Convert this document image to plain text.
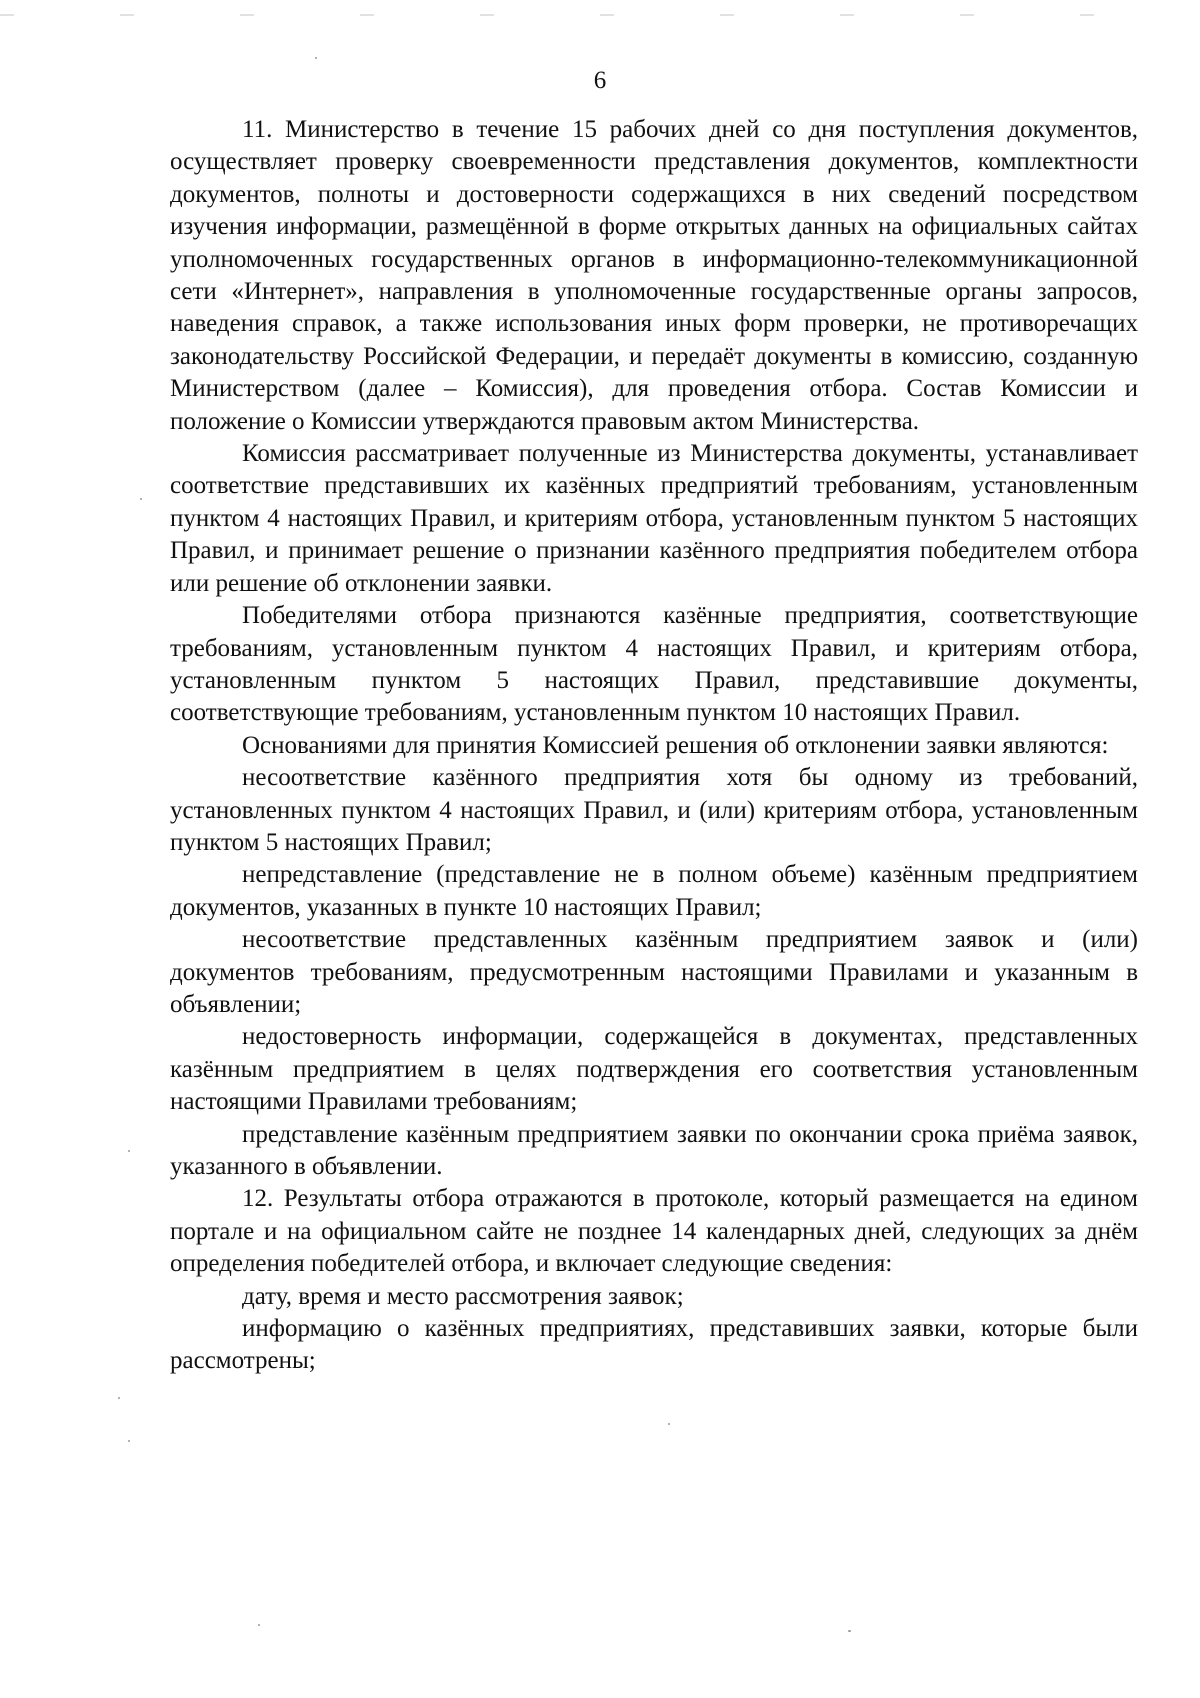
6

11. Министерство в течение 15 рабочих дней со дня поступления документов, осуществляет проверку своевременности представления документов, комплектности документов, полноты и достоверности содержащихся в них сведений посредством изучения информации, размещённой в форме открытых данных на официальных сайтах уполномоченных государственных органов в информационно-телекоммуникационной сети «Интернет», направления в уполномоченные государственные органы запросов, наведения справок, а также использования иных форм проверки, не противоречащих законодательству Российской Федерации, и передаёт документы в комиссию, созданную Министерством (далее – Комиссия), для проведения отбора. Состав Комиссии и положение о Комиссии утверждаются правовым актом Министерства.

Комиссия рассматривает полученные из Министерства документы, устанавливает соответствие представивших их казённых предприятий требованиям, установленным пунктом 4 настоящих Правил, и критериям отбора, установленным пунктом 5 настоящих Правил, и принимает решение о признании казённого предприятия победителем отбора или решение об отклонении заявки.

Победителями отбора признаются казённые предприятия, соответствующие требованиям, установленным пунктом 4 настоящих Правил, и критериям отбора, установленным пунктом 5 настоящих Правил, представившие документы, соответствующие требованиям, установленным пунктом 10 настоящих Правил.

Основаниями для принятия Комиссией решения об отклонении заявки являются:

несоответствие казённого предприятия хотя бы одному из требований, установленных пунктом 4 настоящих Правил, и (или) критериям отбора, установленным пунктом 5 настоящих Правил;

непредставление (представление не в полном объеме) казённым предприятием документов, указанных в пункте 10 настоящих Правил;

несоответствие представленных казённым предприятием заявок и (или) документов требованиям, предусмотренным настоящими Правилами и указанным в объявлении;

недостоверность информации, содержащейся в документах, представленных казённым предприятием в целях подтверждения его соответствия установленным настоящими Правилами требованиям;

представление казённым предприятием заявки по окончании срока приёма заявок, указанного в объявлении.

12. Результаты отбора отражаются в протоколе, который размещается на едином портале и на официальном сайте не позднее 14 календарных дней, следующих за днём определения победителей отбора, и включает следующие сведения:

дату, время и место рассмотрения заявок;

информацию о казённых предприятиях, представивших заявки, которые были рассмотрены;
